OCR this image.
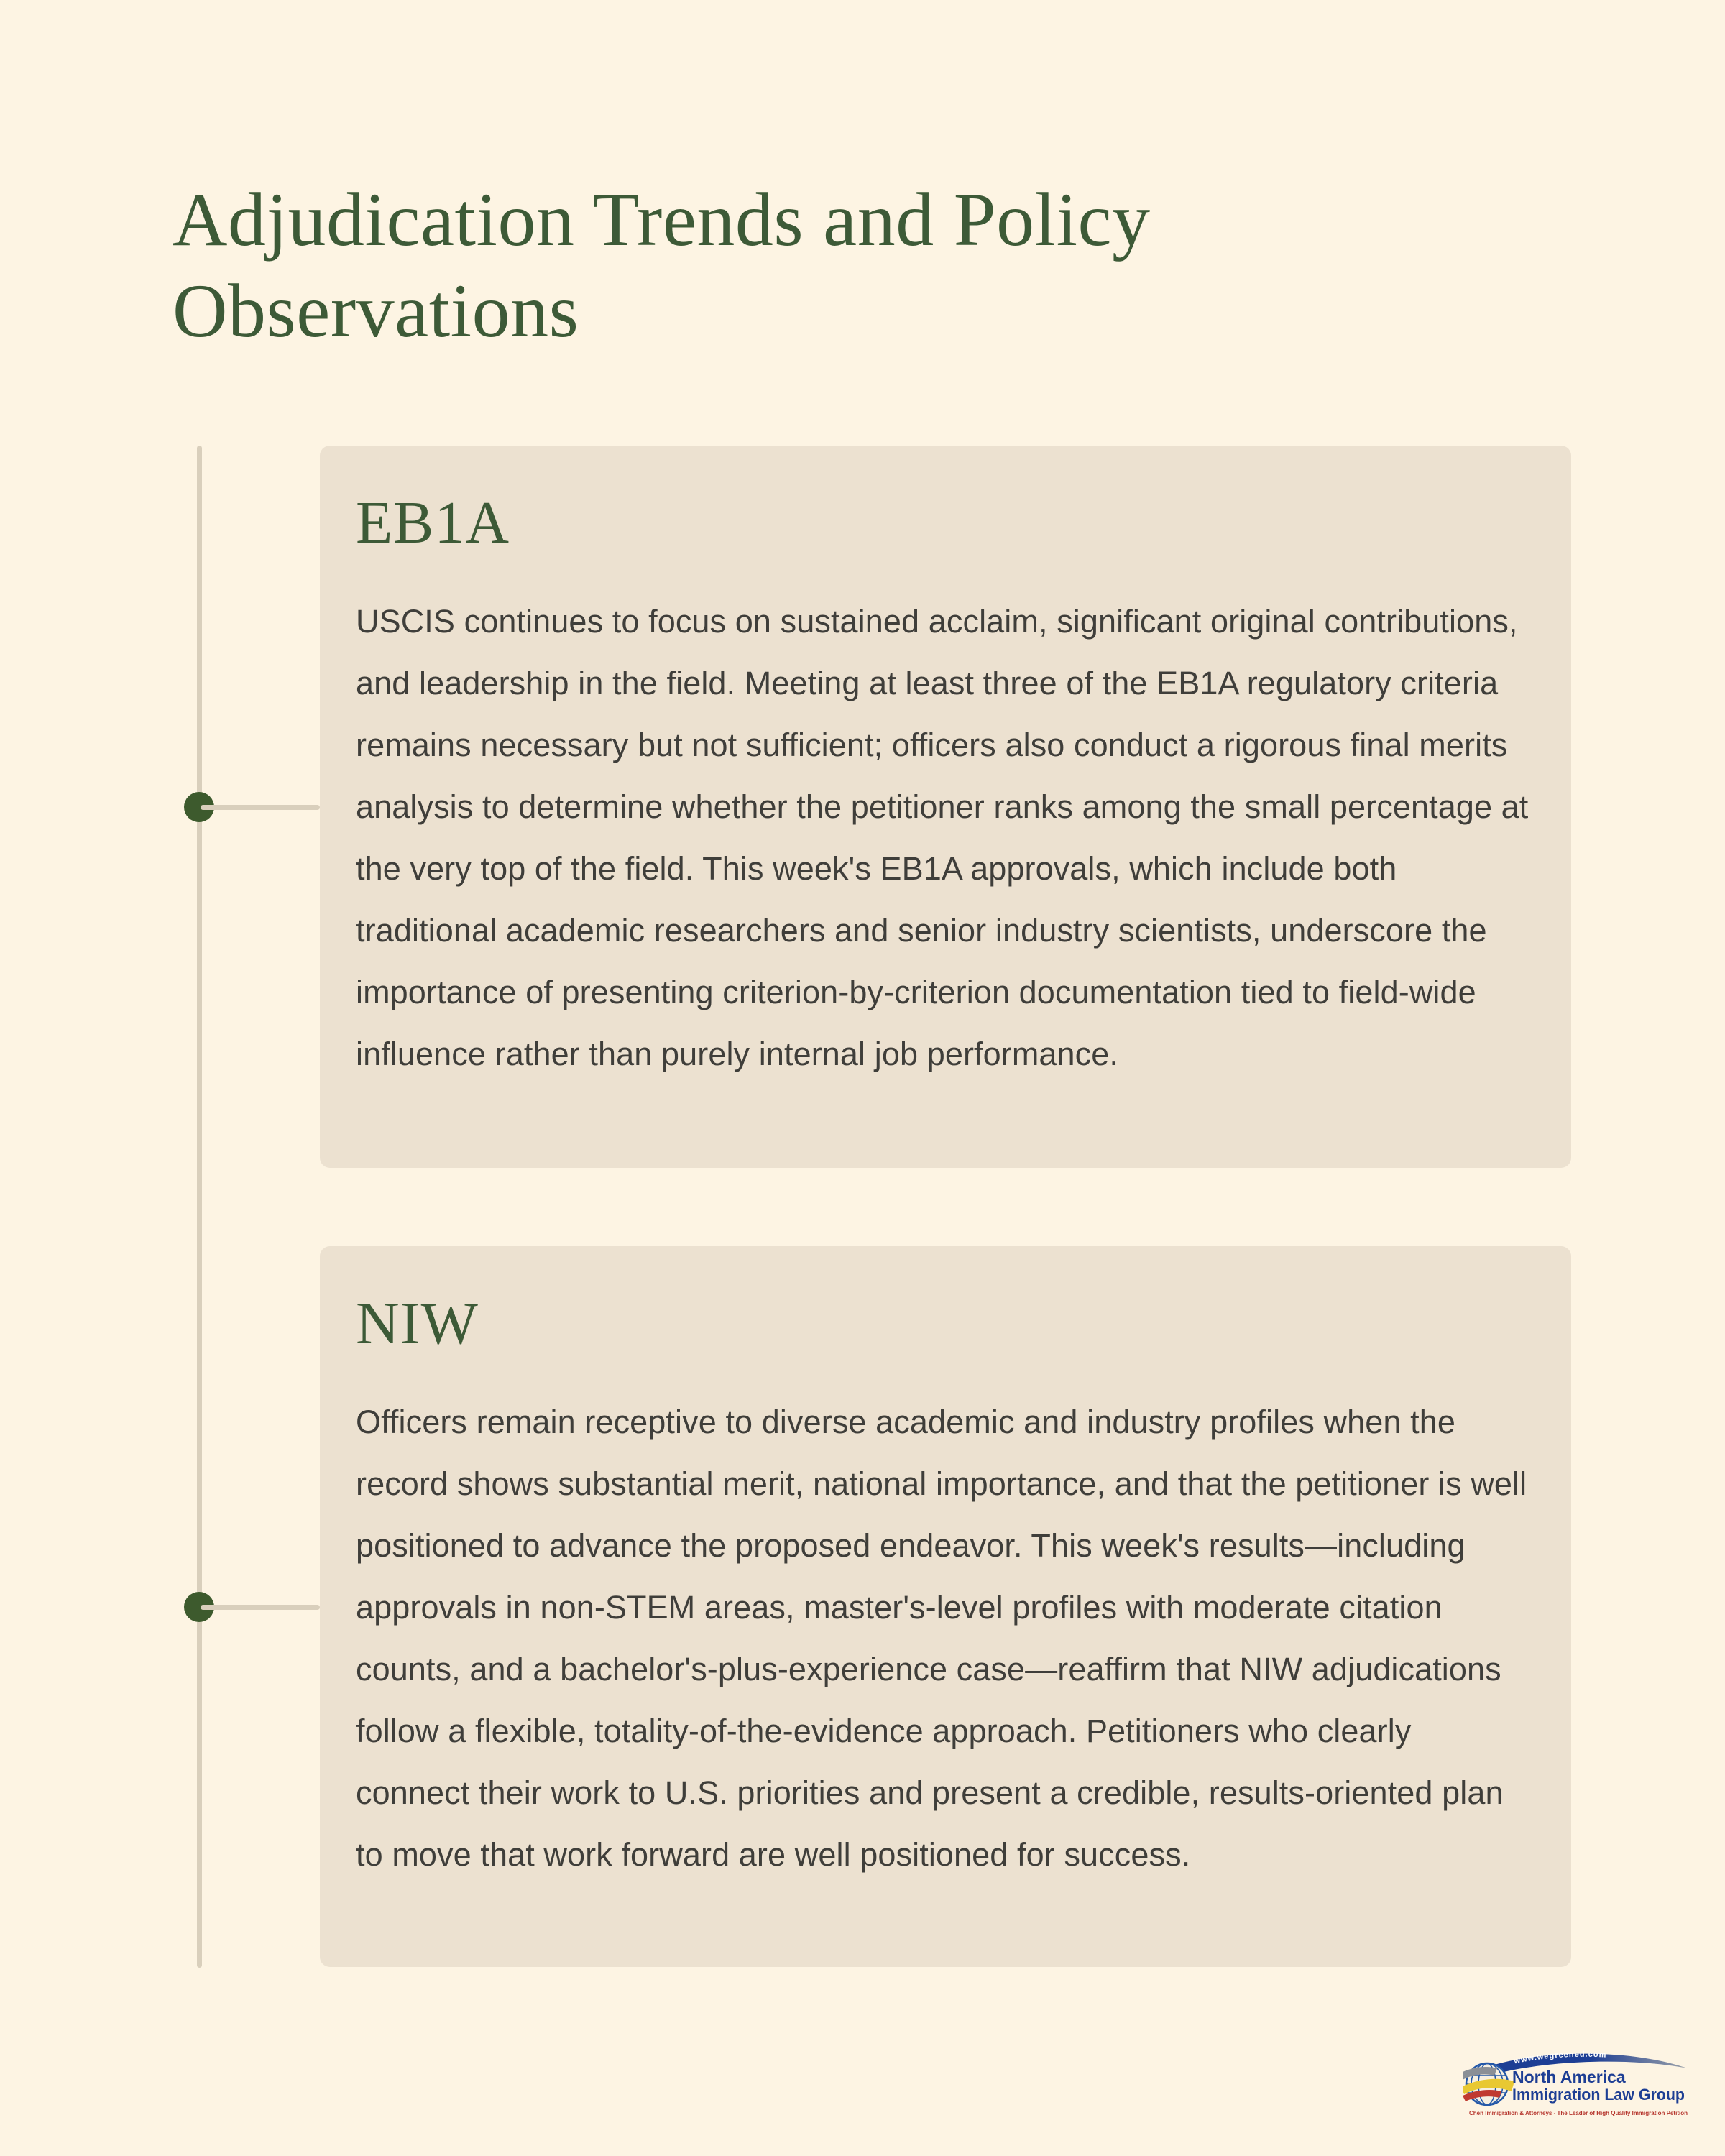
Adjudication Trends and Policy Observations
EB1A

USCIS continues to focus on sustained acclaim, significant original contributions, and leadership in the field. Meeting at least three of the EB1A regulatory criteria remains necessary but not sufficient; officers also conduct a rigorous final merits analysis to determine whether the petitioner ranks among the small percentage at the very top of the field. This week's EB1A approvals, which include both traditional academic researchers and senior industry scientists, underscore the importance of presenting criterion-by-criterion documentation tied to field-wide influence rather than purely internal job performance.

NIW

Officers remain receptive to diverse academic and industry profiles when the record shows substantial merit, national importance, and that the petitioner is well positioned to advance the proposed endeavor. This week's results—including approvals in non-STEM areas, master's-level profiles with moderate citation counts, and a bachelor's-plus-experience case—reaffirm that NIW adjudications follow a flexible, totality-of-the-evidence approach. Petitioners who clearly connect their work to U.S. priorities and present a credible, results-oriented plan to move that work forward are well positioned for success.

www.wegreened.com
North America
Immigration Law Group
Chen Immigration & Attorneys - The Leader of High Quality Immigration Petition
